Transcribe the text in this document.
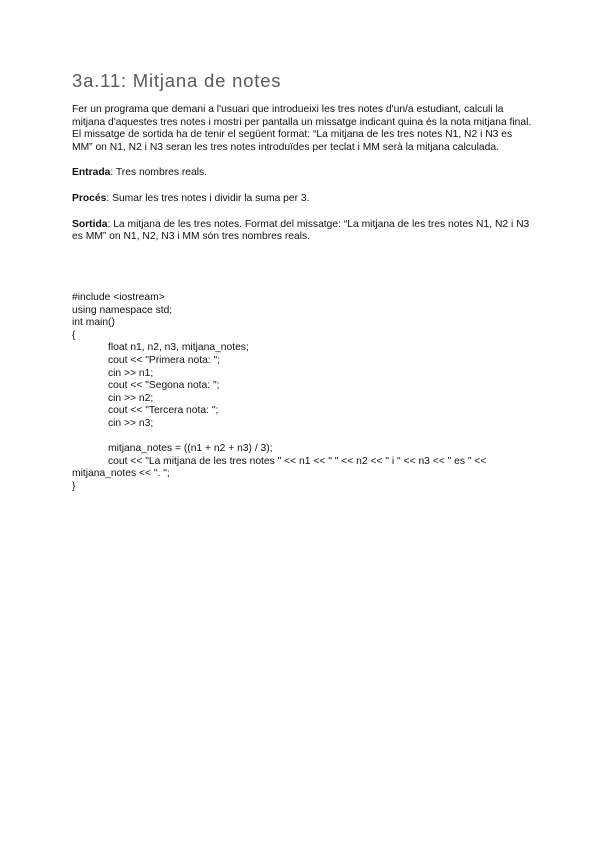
3a.11: Mitjana de notes

Fer un programa que demani a l'usuari que introdueixi les tres notes d'un/a estudiant, calculi la mitjana d'aquestes tres notes i mostri per pantalla un missatge indicant quina és la nota mitjana final. El missatge de sortida ha de tenir el següent format: “La mitjana de les tres notes N1, N2 i N3 es MM” on N1, N2 i N3 seran les tres notes introduïdes per teclat i MM serà la mitjana calculada.

Entrada: Tres nombres reals.

Procés: Sumar les tres notes i dividir la suma per 3.

Sortida: La mitjana de les tres notes. Format del missatge: “La mitjana de les tres notes N1, N2 i N3 es MM” on N1, N2, N3 i MM són tres nombres reals.

#include <iostream>
using namespace std;
int main()
{
float n1, n2, n3, mitjana_notes;
cout << "Primera nota: ";
cin >> n1;
cout << "Segona nota: ";
cin >> n2;
cout << "Tercera nota: ";
cin >> n3;
mitjana_notes = ((n1 + n2 + n3) / 3);
cout << "La mitjana de les tres notes " << n1 << " " << n2 << " i " << n3 << " es " <<
mitjana_notes << ". ";
}
